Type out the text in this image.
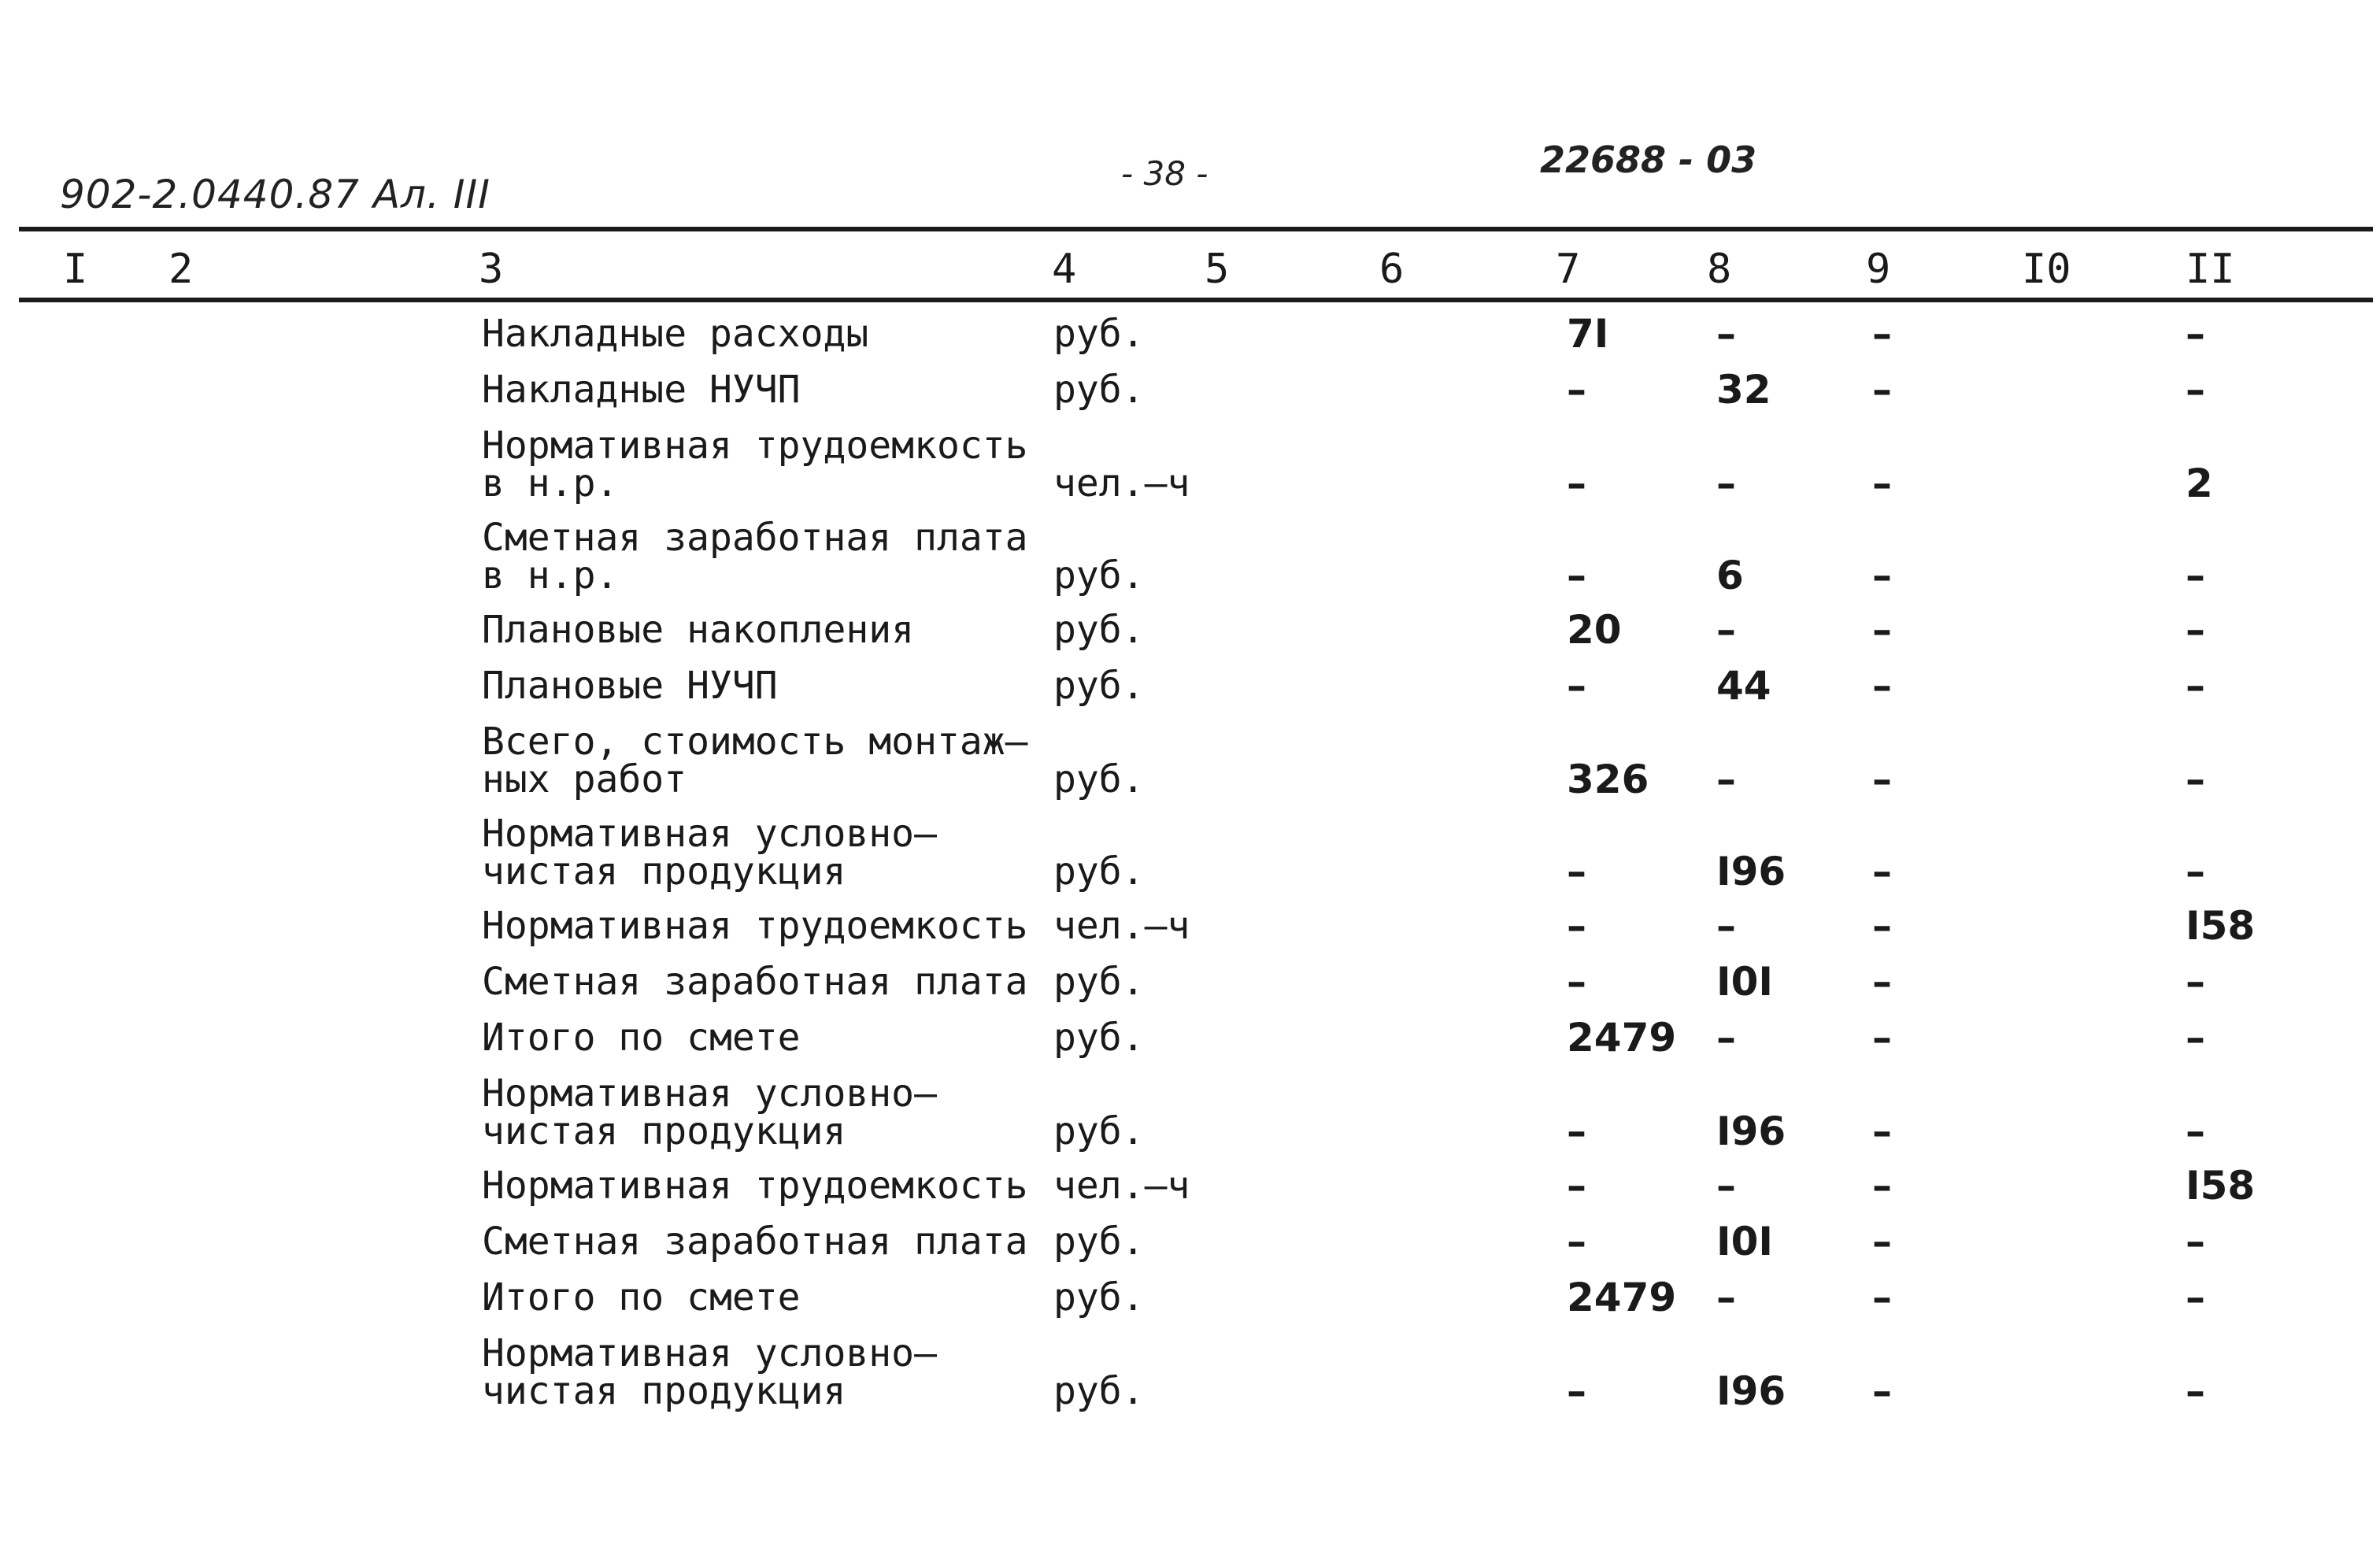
902-2.0440.87 Ал. III	- 38 -	22688 - 03
I 2	3	4	5	6	7	8	9	I0	II
Накладные расходы	руб.	7I	–	–	–
Накладные НУЧП	руб.	–	32	–	–
Нормативная трудоемкость
в н.р.	чел.–ч	–	–	–	2
Сметная заработная плата
в н.р.	руб.	–	6	–	–
Плановые накопления	руб.	20 –	–	–
Плановые НУЧП	руб.	–	44	–	–
Всего, стоимость монтаж–
ных работ	руб.	326 –	–	–
Нормативная условно–
чистая продукция	руб.	–	I96 –	–
Нормативная трудоемкость чел.–ч	–	–	–	I58
Сметная заработная плата руб.	–	I0I	–	–
Итого по смете	руб.	2479 –	–	–
Нормативная условно–
чистая продукция	руб.	–	I96 –	–
Нормативная трудоемкость чел.–ч	–	–	–	I58
Сметная заработная плата руб.	–	I0I	–	–
Итого по смете	руб.	2479 –	–	–
Нормативная условно–
чистая продукция	руб.	–	I96 –	–
